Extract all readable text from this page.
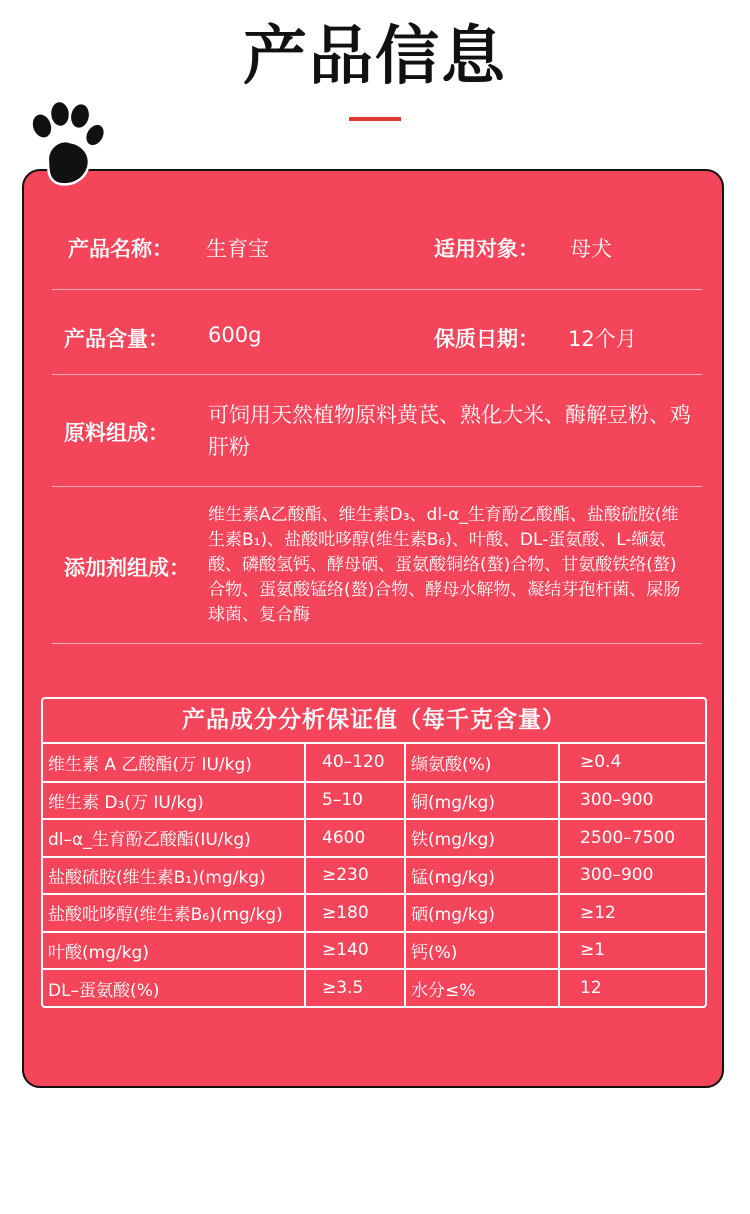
产品信息
产品名称： 生育宝	适用对象： 母犬
产品含量： 600g	保质日期： 12个月
原料组成：
可饲用天然植物原料黄芪、熟化大米、酶解豆粉、鸡肝粉
添加剂组成：
维生素A乙酸酯、维生素D₃、dl-α_生育酚乙酸酯、盐酸硫胺(维生素B₁)、盐酸吡哆醇(维生素B₆)、叶酸、DL-蛋氨酸、L-缬氨酸、磷酸氢钙、酵母硒、蛋氨酸铜络(螯)合物、甘氨酸铁络(螯)合物、蛋氨酸锰络(螯)合物、酵母水解物、凝结芽孢杆菌、屎肠球菌、复合酶
产品成分分析保证值（每千克含量）
维生素 A 乙酸酯(万 IU/kg)	40–120	缬氨酸(%)	≥0.4
维生素 D₃(万 IU/kg)	5–10	铜(mg/kg)	300–900
dl–α_生育酚乙酸酯(IU/kg)	4600	铁(mg/kg)	2500–7500
盐酸硫胺(维生素B₁)(mg/kg)	≥230	锰(mg/kg)	300–900
盐酸吡哆醇(维生素B₆)(mg/kg)	≥180	硒(mg/kg)	≥12
叶酸(mg/kg)	≥140	钙(%)	≥1
DL–蛋氨酸(%)	≥3.5	水分≤%	12
